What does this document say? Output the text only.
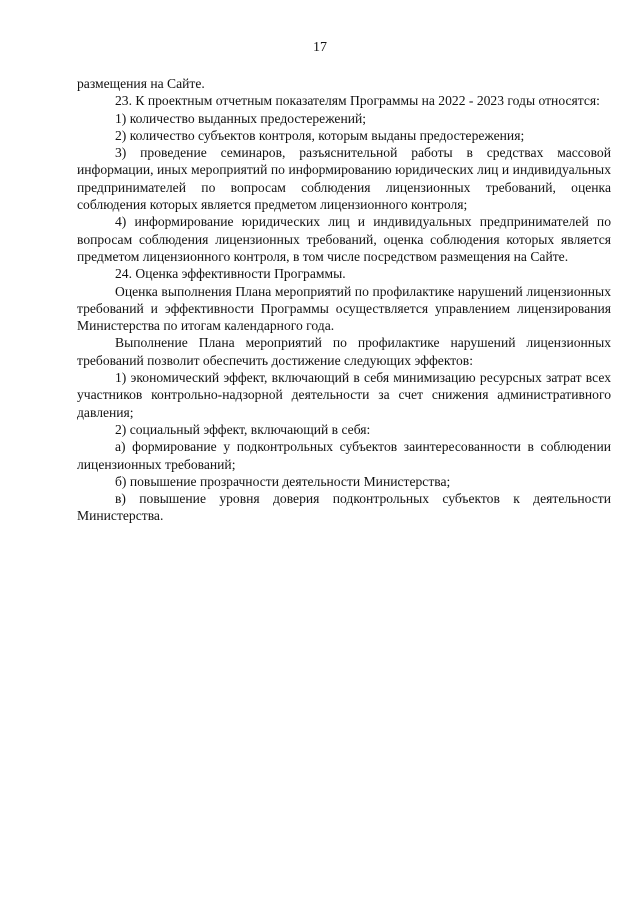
17

размещения на Сайте.

23. К проектным отчетным показателям Программы на 2022 - 2023 годы относятся:

1) количество выданных предостережений;

2) количество субъектов контроля, которым выданы предостережения;

3) проведение семинаров, разъяснительной работы в средствах массовой информации, иных мероприятий по информированию юридических лиц и индивидуальных предпринимателей по вопросам соблюдения лицензионных требований, оценка соблюдения которых является предметом лицензионного контроля;

4) информирование юридических лиц и индивидуальных предпринимателей по вопросам соблюдения лицензионных требований, оценка соблюдения которых является предметом лицензионного контроля, в том числе посредством размещения на Сайте.

24. Оценка эффективности Программы.

Оценка выполнения Плана мероприятий по профилактике нарушений лицензионных требований и эффективности Программы осуществляется управлением лицензирования Министерства по итогам календарного года.

Выполнение Плана мероприятий по профилактике нарушений лицензионных требований позволит обеспечить достижение следующих эффектов:

1) экономический эффект, включающий в себя минимизацию ресурсных затрат всех участников контрольно-надзорной деятельности за счет снижения административного давления;

2) социальный эффект, включающий в себя:

а) формирование у подконтрольных субъектов заинтересованности в соблюдении лицензионных требований;

б) повышение прозрачности деятельности Министерства;

в) повышение уровня доверия подконтрольных субъектов к деятельности Министерства.
